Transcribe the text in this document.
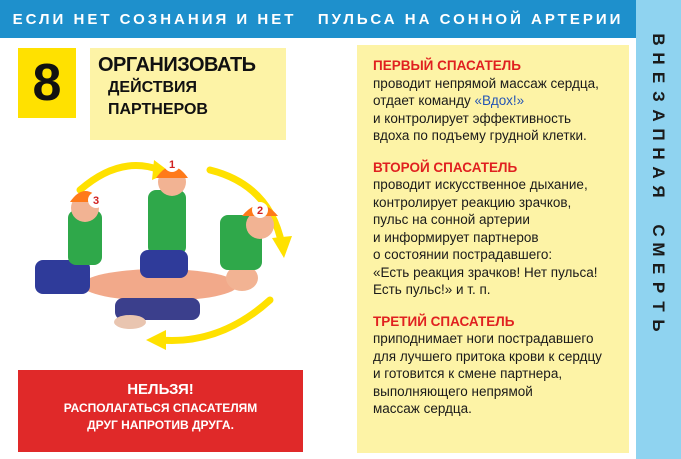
ЕСЛИ НЕТ СОЗНАНИЯ И НЕТ   ПУЛЬСА НА СОННОЙ АРТЕРИИ
В
Н
Е
З
А
П
Н
А
Я
С
М
Е
Р
Т
Ь
8	ОРГАНИЗОВАТЬ
ДЕЙСТВИЯ
ПАРТНЕРОВ
3
1
2
НЕЛЬЗЯ!
РАСПОЛАГАТЬСЯ СПАСАТЕЛЯМ
ДРУГ НАПРОТИВ ДРУГА.
ПЕРВЫЙ СПАСАТЕЛЬ
проводит непрямой массаж сердца,
отдает команду «Вдох!»
и контролирует эффективность
вдоха по подъему грудной клетки.
ВТОРОЙ СПАСАТЕЛЬ
проводит искусственное дыхание,
контролирует реакцию зрачков,
пульс на сонной артерии
и информирует партнеров
о состоянии пострадавшего:
«Есть реакция зрачков! Нет пульса!
Есть пульс!» и т. п.
ТРЕТИЙ СПАСАТЕЛЬ
приподнимает ноги пострадавшего
для лучшего притока крови к сердцу
и готовится к смене партнера,
выполняющего непрямой
массаж сердца.
